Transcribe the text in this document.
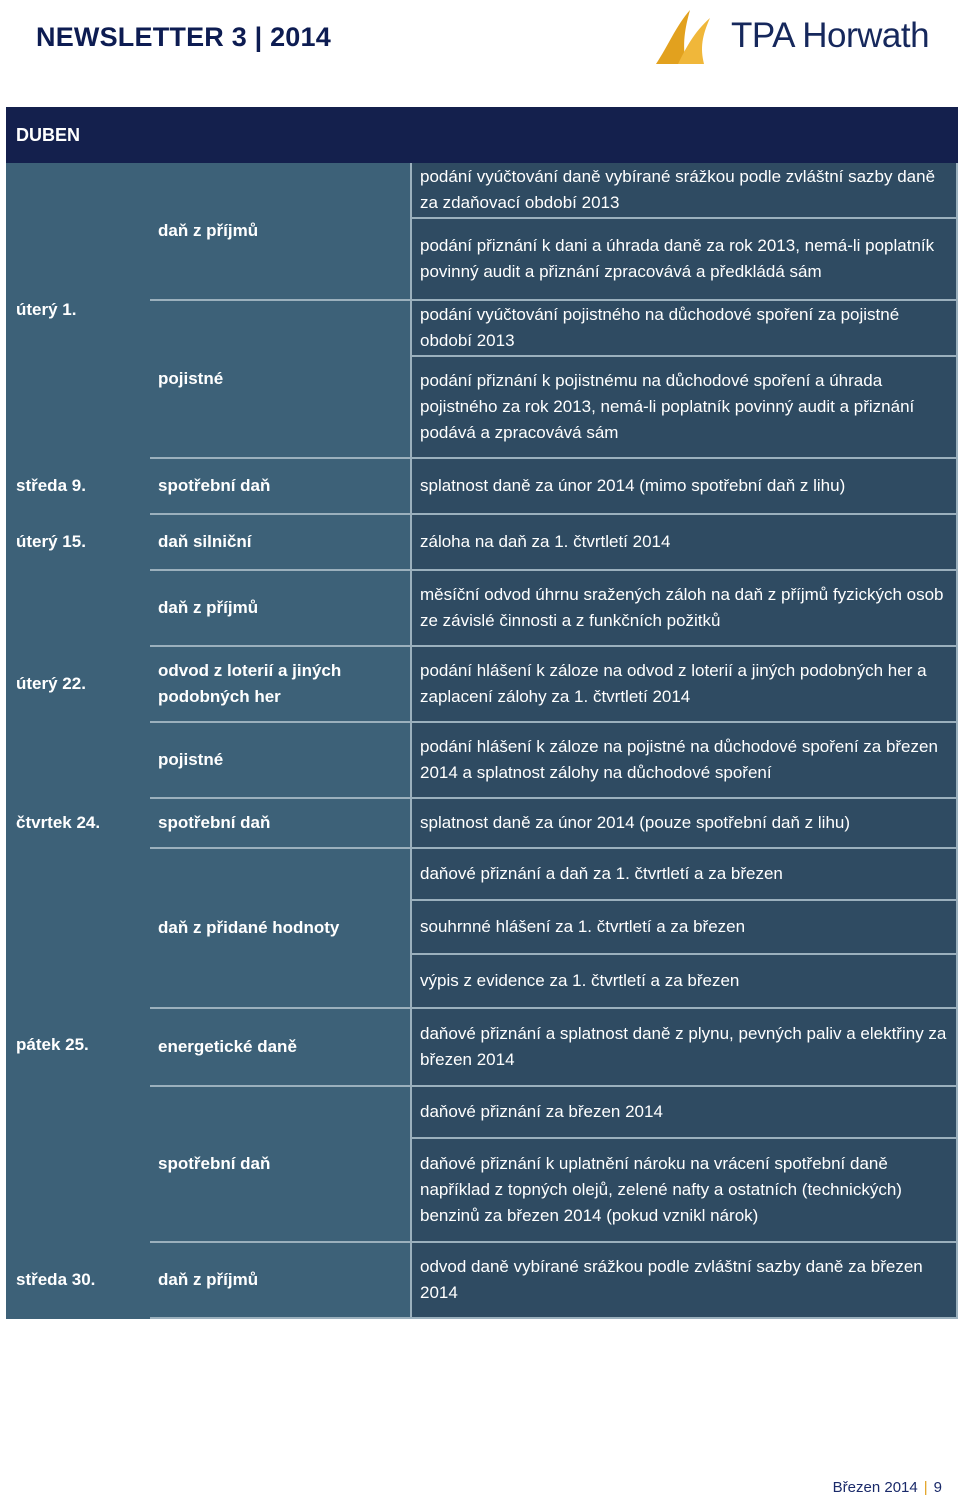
NEWSLETTER 3 | 2014	TPA Horwath
DUBEN		
úterý 1.	daň z příjmů	podání vyúčtování daně vybírané srážkou podle zvláštní sazby daně za zdaňovací období 2013
		podání přiznání k dani a úhrada daně za rok 2013, nemá-li poplatník povinný audit a přiznání zpracovává a předkládá sám
	pojistné	podání vyúčtování pojistného na důchodové spoření za pojistné období 2013
		podání přiznání k pojistnému na důchodové spoření a úhrada pojistného za rok 2013, nemá-li poplatník povinný audit a přiznání podává a zpracovává sám
středa 9.	spotřební daň	splatnost daně za únor 2014 (mimo spotřební daň z lihu)
úterý 15.	daň silniční	záloha na daň za 1. čtvrtletí 2014
úterý 22.	daň z příjmů	měsíční odvod úhrnu sražených záloh na daň z příjmů fyzických osob ze závislé činnosti a z funkčních požitků
	odvod z loterií a jiných podobných her	podání hlášení k záloze na odvod z loterií a jiných podobných her a zaplacení zálohy za 1. čtvrtletí 2014
	pojistné	podání hlášení k záloze na pojistné na důchodové spoření za březen 2014 a splatnost zálohy na důchodové spoření
čtvrtek 24.	spotřební daň	splatnost daně za únor 2014 (pouze spotřební daň z lihu)
pátek 25.	daň z přidané hodnoty	daňové přiznání a daň za 1. čtvrtletí a za březen
		souhrnné hlášení za 1. čtvrtletí a za březen
		výpis z evidence za 1. čtvrtletí a za březen
	energetické daně	daňové přiznání a splatnost daně z plynu, pevných paliv a elektřiny za březen 2014
	spotřební daň	daňové přiznání za březen 2014
		daňové přiznání k uplatnění nároku na vrácení spotřební daně například z topných olejů, zelené nafty a ostatních (technických) benzinů za březen 2014 (pokud vznikl nárok)
středa 30.	daň z příjmů	odvod daně vybírané srážkou podle zvláštní sazby daně za březen 2014
Březen 2014 | 9
